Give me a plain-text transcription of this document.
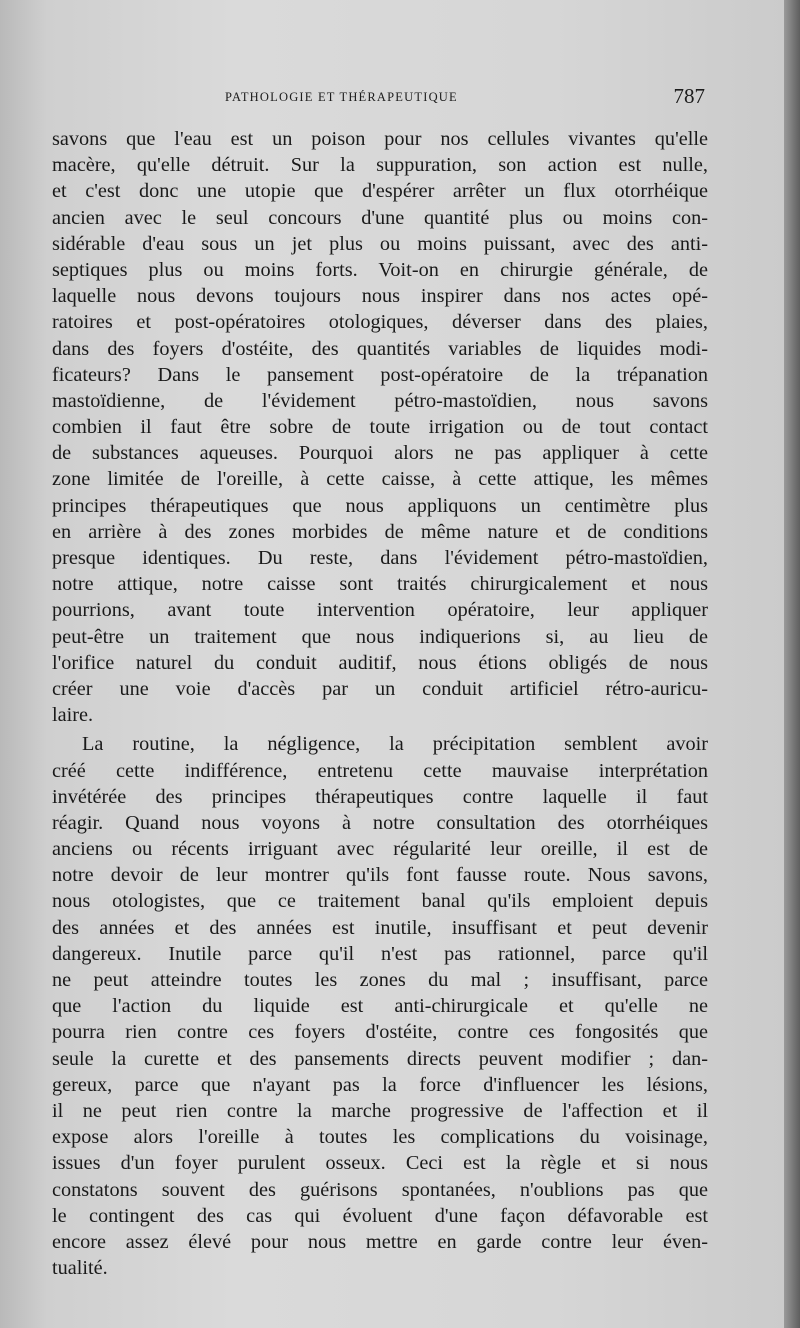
PATHOLOGIE ET THÉRAPEUTIQUE	787
savons que l'eau est un poison pour nos cellules vivantes qu'elle
macère, qu'elle détruit. Sur la suppuration, son action est nulle,
et c'est donc une utopie que d'espérer arrêter un flux otorrhéique
ancien avec le seul concours d'une quantité plus ou moins con-
sidérable d'eau sous un jet plus ou moins puissant, avec des anti-
septiques plus ou moins forts. Voit-on en chirurgie générale, de
laquelle nous devons toujours nous inspirer dans nos actes opé-
ratoires et post-opératoires otologiques, déverser dans des plaies,
dans des foyers d'ostéite, des quantités variables de liquides modi-
ficateurs? Dans le pansement post-opératoire de la trépanation
mastoïdienne, de l'évidement pétro-mastoïdien, nous savons
combien il faut être sobre de toute irrigation ou de tout contact
de substances aqueuses. Pourquoi alors ne pas appliquer à cette
zone limitée de l'oreille, à cette caisse, à cette attique, les mêmes
principes thérapeutiques que nous appliquons un centimètre plus
en arrière à des zones morbides de même nature et de conditions
presque identiques. Du reste, dans l'évidement pétro-mastoïdien,
notre attique, notre caisse sont traités chirurgicalement et nous
pourrions, avant toute intervention opératoire, leur appliquer
peut-être un traitement que nous indiquerions si, au lieu de
l'orifice naturel du conduit auditif, nous étions obligés de nous
créer une voie d'accès par un conduit artificiel rétro-auricu-
laire.
La routine, la négligence, la précipitation semblent avoir
créé cette indifférence, entretenu cette mauvaise interprétation
invétérée des principes thérapeutiques contre laquelle il faut
réagir. Quand nous voyons à notre consultation des otorrhéiques
anciens ou récents irriguant avec régularité leur oreille, il est de
notre devoir de leur montrer qu'ils font fausse route. Nous savons,
nous otologistes, que ce traitement banal qu'ils emploient depuis
des années et des années est inutile, insuffisant et peut devenir
dangereux. Inutile parce qu'il n'est pas rationnel, parce qu'il
ne peut atteindre toutes les zones du mal ; insuffisant, parce
que l'action du liquide est anti-chirurgicale et qu'elle ne
pourra rien contre ces foyers d'ostéite, contre ces fongosités que
seule la curette et des pansements directs peuvent modifier ; dan-
gereux, parce que n'ayant pas la force d'influencer les lésions,
il ne peut rien contre la marche progressive de l'affection et il
expose alors l'oreille à toutes les complications du voisinage,
issues d'un foyer purulent osseux. Ceci est la règle et si nous
constatons souvent des guérisons spontanées, n'oublions pas que
le contingent des cas qui évoluent d'une façon défavorable est
encore assez élevé pour nous mettre en garde contre leur éven-
tualité.
